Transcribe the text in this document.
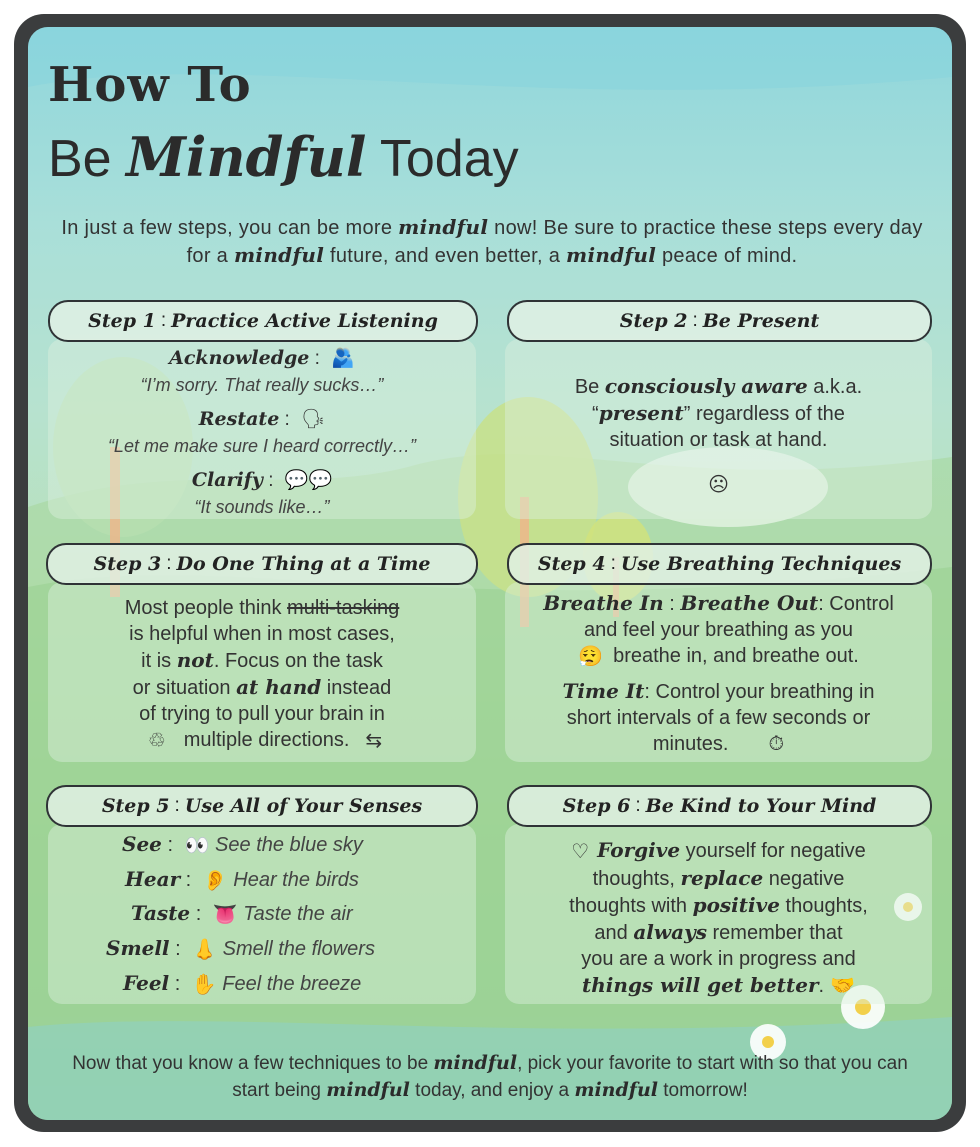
How To
Be Mindful Today
In just a few steps, you can be more mindful now! Be sure to practice these steps every day for a mindful future, and even better, a mindful peace of mind.
Step 1 : Practice Active Listening	Step 2 : Be Present
Step 3 : Do One Thing at a Time	Step 4 : Use Breathing Techniques
Step 5 : Use All of Your Senses	Step 6 : Be Kind to Your Mind
Acknowledge : 🫂
“I’m sorry. That really sucks…”
Restate : 🗣
“Let me make sure I heard correctly…”
Clarify : 💬💬
“It sounds like…”
Be consciously aware a.k.a.
“present” regardless of the
situation or task at hand.
☹
Most people think multi-tasking
is helpful when in most cases,
it is not. Focus on the task
or situation at hand instead
of trying to pull your brain in
♲ multiple directions. ⇆
Breathe In : Breathe Out: Control
and feel your breathing as you
😮‍💨 breathe in, and breathe out.
Time It: Control your breathing in
short intervals of a few seconds or
minutes. ⏱
See : 👀 See the blue sky
Hear : 👂 Hear the birds
Taste : 👅 Taste the air
Smell : 👃 Smell the flowers
Feel : ✋ Feel the breeze
♡ Forgive yourself for negative
thoughts, replace negative
thoughts with positive thoughts,
and always remember that
you are a work in progress and
things will get better. 🤝
Now that you know a few techniques to be mindful, pick your favorite to start with so that you can start being mindful today, and enjoy a mindful tomorrow!
